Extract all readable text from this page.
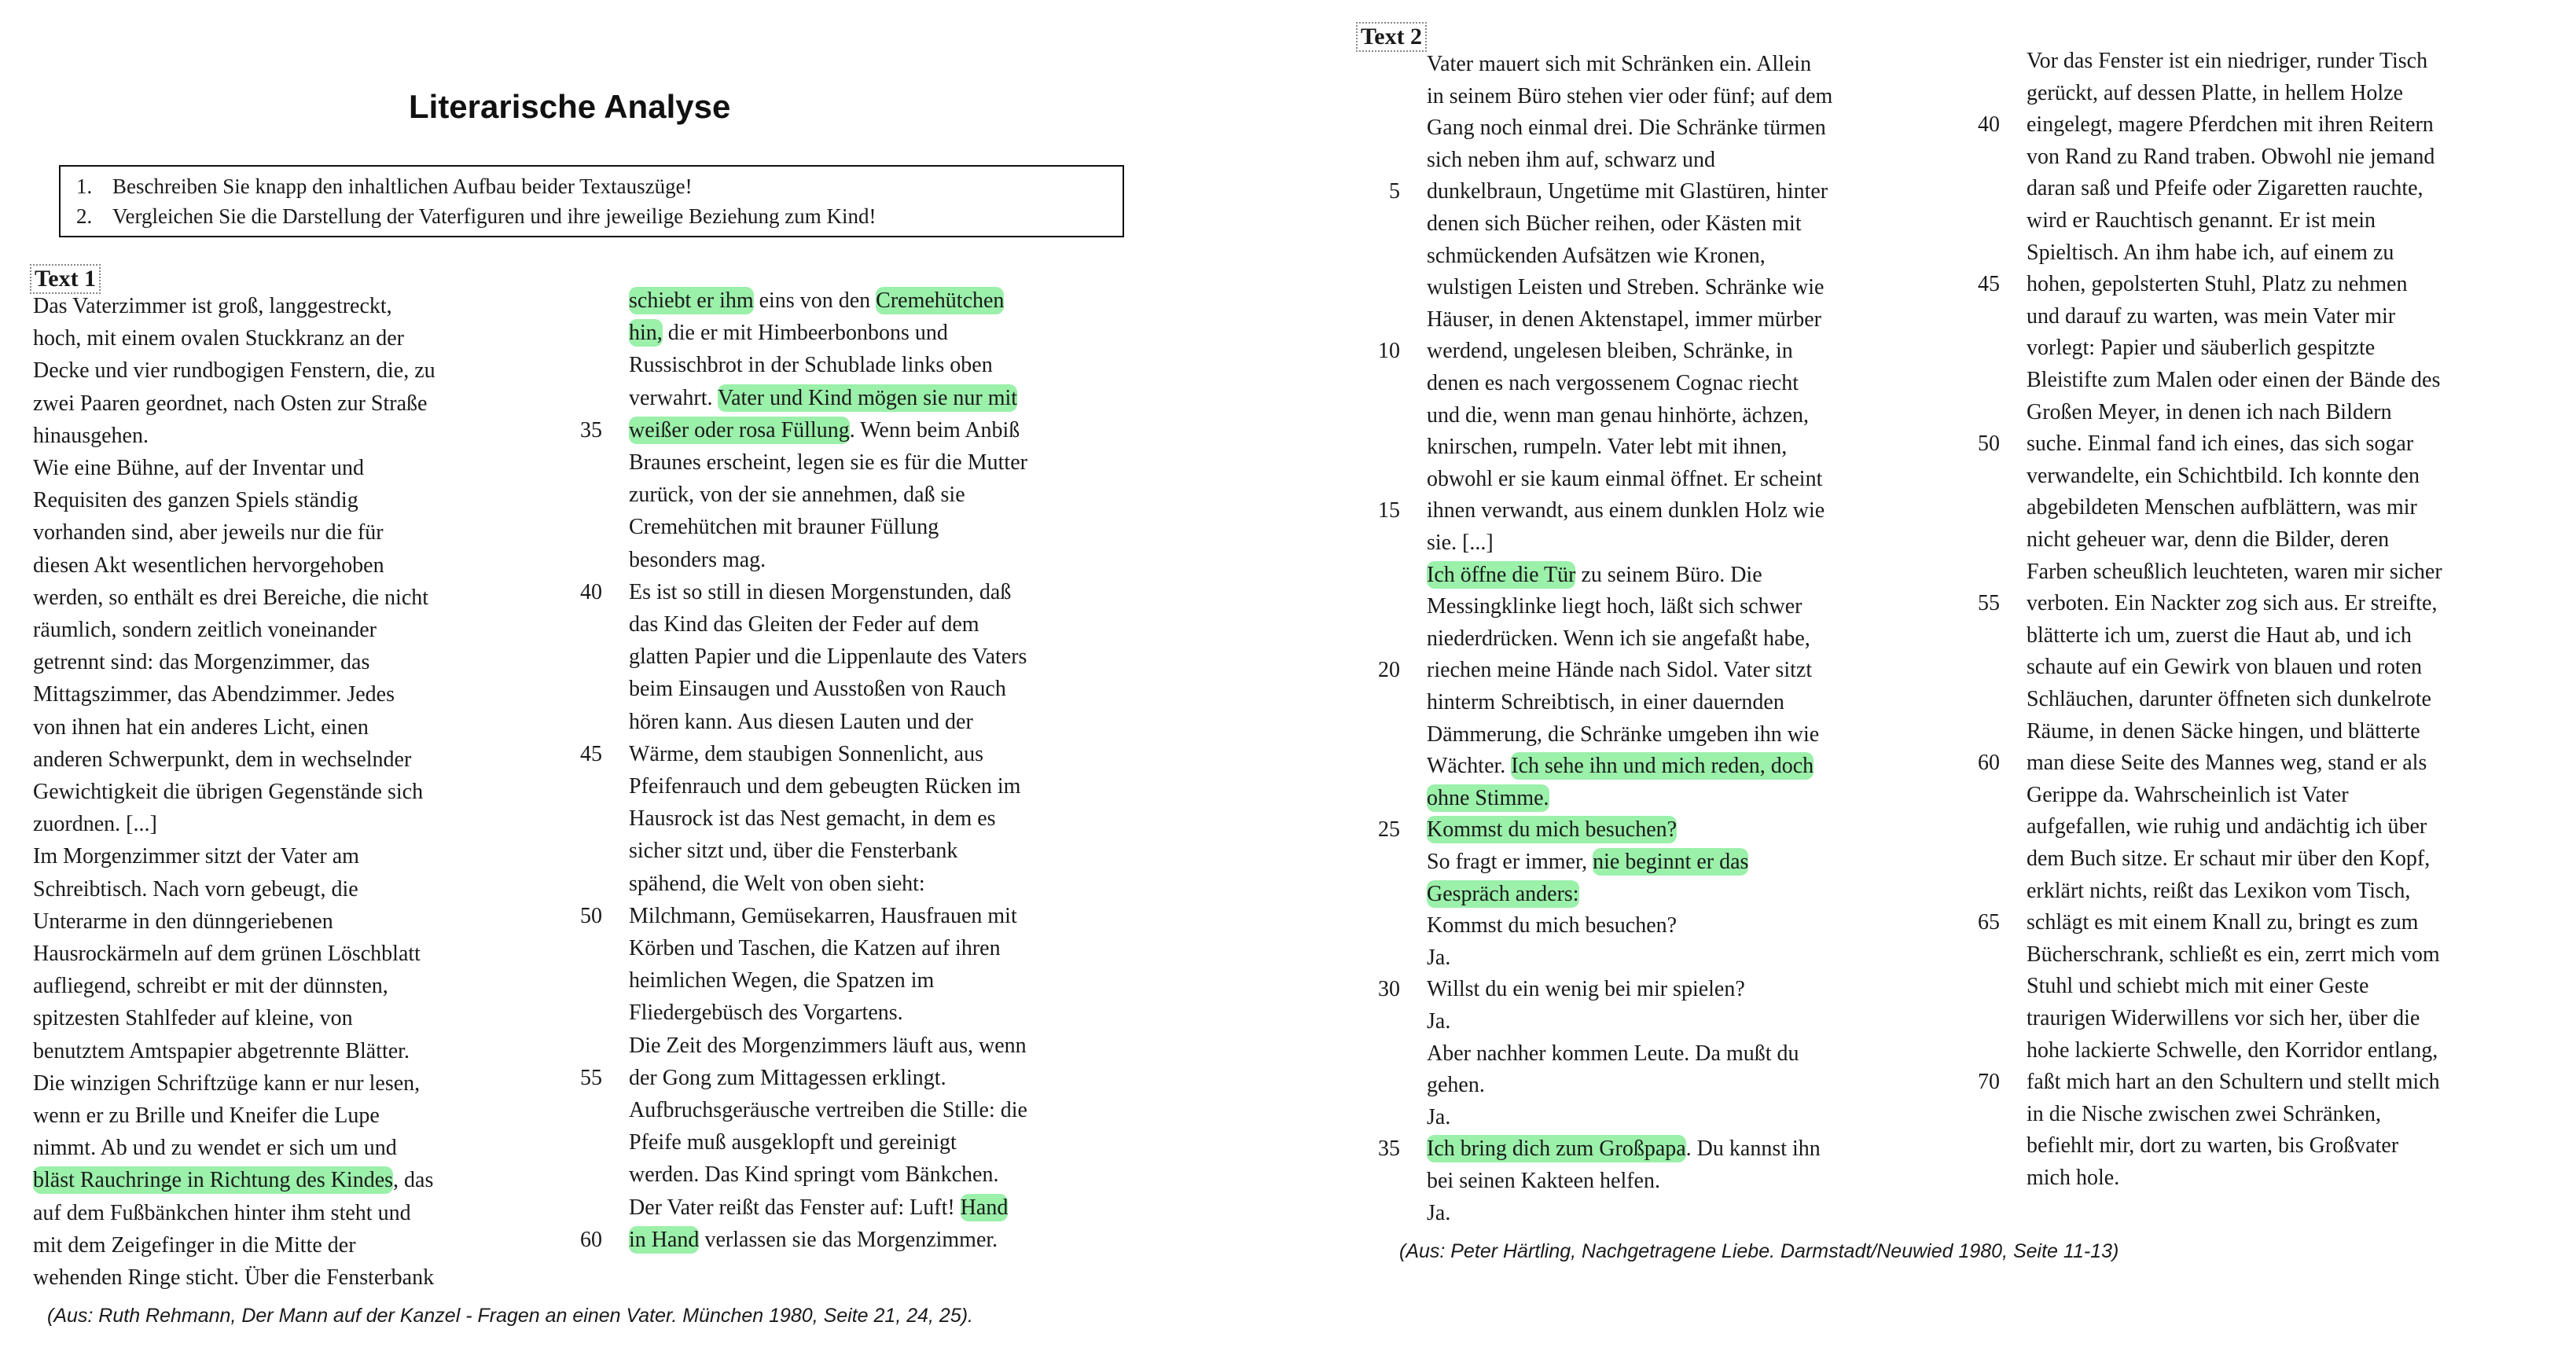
Literarische Analyse
1. Beschreiben Sie knapp den inhaltlichen Aufbau beider Textauszüge!
2. Vergleichen Sie die Darstellung der Vaterfiguren und ihre jeweilige Beziehung zum Kind!
Text 1
Das Vaterzimmer ist groß, langgestreckt,
hoch, mit einem ovalen Stuckkranz an der
Decke und vier rundbogigen Fenstern, die, zu
zwei Paaren geordnet, nach Osten zur Straße
hinausgehen.
Wie eine Bühne, auf der Inventar und
Requisiten des ganzen Spiels ständig
vorhanden sind, aber jeweils nur die für
diesen Akt wesentlichen hervorgehoben
werden, so enthält es drei Bereiche, die nicht
räumlich, sondern zeitlich voneinander
getrennt sind: das Morgenzimmer, das
Mittagszimmer, das Abendzimmer. Jedes
von ihnen hat ein anderes Licht, einen
anderen Schwerpunkt, dem in wechselnder
Gewichtigkeit die übrigen Gegenstände sich
zuordnen. [...]
Im Morgenzimmer sitzt der Vater am
Schreibtisch. Nach vorn gebeugt, die
Unterarme in den dünngeriebenen
Hausrockärmeln auf dem grünen Löschblatt
aufliegend, schreibt er mit der dünnsten,
spitzesten Stahlfeder auf kleine, von
benutztem Amtspapier abgetrennte Blätter.
Die winzigen Schriftzüge kann er nur lesen,
wenn er zu Brille und Kneifer die Lupe
nimmt. Ab und zu wendet er sich um und
bläst Rauchringe in Richtung des Kindes, das
auf dem Fußbänkchen hinter ihm steht und
mit dem Zeigefinger in die Mitte der
wehenden Ringe sticht. Über die Fensterbank
schiebt er ihm eins von den Cremehütchen
hin, die er mit Himbeerbonbons und
Russischbrot in der Schublade links oben
verwahrt. Vater und Kind mögen sie nur mit
weißer oder rosa Füllung. Wenn beim Anbiß
Braunes erscheint, legen sie es für die Mutter
zurück, von der sie annehmen, daß sie
Cremehütchen mit brauner Füllung
besonders mag.
Es ist so still in diesen Morgenstunden, daß
das Kind das Gleiten der Feder auf dem
glatten Papier und die Lippenlaute des Vaters
beim Einsaugen und Ausstoßen von Rauch
hören kann. Aus diesen Lauten und der
Wärme, dem staubigen Sonnenlicht, aus
Pfeifenrauch und dem gebeugten Rücken im
Hausrock ist das Nest gemacht, in dem es
sicher sitzt und, über die Fensterbank
spähend, die Welt von oben sieht:
Milchmann, Gemüsekarren, Hausfrauen mit
Körben und Taschen, die Katzen auf ihren
heimlichen Wegen, die Spatzen im
Fliedergebüsch des Vorgartens.
Die Zeit des Morgenzimmers läuft aus, wenn
der Gong zum Mittagessen erklingt.
Aufbruchsgeräusche vertreiben die Stille: die
Pfeife muß ausgeklopft und gereinigt
werden. Das Kind springt vom Bänkchen.
Der Vater reißt das Fenster auf: Luft! Hand
in Hand verlassen sie das Morgenzimmer.
35
40
45
50
55
60
(Aus: Ruth Rehmann, Der Mann auf der Kanzel - Fragen an einen Vater. München 1980, Seite 21, 24, 25).
Text 2
Vater mauert sich mit Schränken ein. Allein
in seinem Büro stehen vier oder fünf; auf dem
Gang noch einmal drei. Die Schränke türmen
sich neben ihm auf, schwarz und
dunkelbraun, Ungetüme mit Glastüren, hinter
denen sich Bücher reihen, oder Kästen mit
schmückenden Aufsätzen wie Kronen,
wulstigen Leisten und Streben. Schränke wie
Häuser, in denen Aktenstapel, immer mürber
werdend, ungelesen bleiben, Schränke, in
denen es nach vergossenem Cognac riecht
und die, wenn man genau hinhörte, ächzen,
knirschen, rumpeln. Vater lebt mit ihnen,
obwohl er sie kaum einmal öffnet. Er scheint
ihnen verwandt, aus einem dunklen Holz wie
sie. [...]
Ich öffne die Tür zu seinem Büro. Die
Messingklinke liegt hoch, läßt sich schwer
niederdrücken. Wenn ich sie angefaßt habe,
riechen meine Hände nach Sidol. Vater sitzt
hinterm Schreibtisch, in einer dauernden
Dämmerung, die Schränke umgeben ihn wie
Wächter. Ich sehe ihn und mich reden, doch
ohne Stimme.
Kommst du mich besuchen?
So fragt er immer, nie beginnt er das
Gespräch anders:
Kommst du mich besuchen?
Ja.
Willst du ein wenig bei mir spielen?
Ja.
Aber nachher kommen Leute. Da mußt du
gehen.
Ja.
Ich bring dich zum Großpapa. Du kannst ihn
bei seinen Kakteen helfen.
Ja.
5
10
15
20
25
30
35
Vor das Fenster ist ein niedriger, runder Tisch
gerückt, auf dessen Platte, in hellem Holze
eingelegt, magere Pferdchen mit ihren Reitern
von Rand zu Rand traben. Obwohl nie jemand
daran saß und Pfeife oder Zigaretten rauchte,
wird er Rauchtisch genannt. Er ist mein
Spieltisch. An ihm habe ich, auf einem zu
hohen, gepolsterten Stuhl, Platz zu nehmen
und darauf zu warten, was mein Vater mir
vorlegt: Papier und säuberlich gespitzte
Bleistifte zum Malen oder einen der Bände des
Großen Meyer, in denen ich nach Bildern
suche. Einmal fand ich eines, das sich sogar
verwandelte, ein Schichtbild. Ich konnte den
abgebildeten Menschen aufblättern, was mir
nicht geheuer war, denn die Bilder, deren
Farben scheußlich leuchteten, waren mir sicher
verboten. Ein Nackter zog sich aus. Er streifte,
blätterte ich um, zuerst die Haut ab, und ich
schaute auf ein Gewirk von blauen und roten
Schläuchen, darunter öffneten sich dunkelrote
Räume, in denen Säcke hingen, und blätterte
man diese Seite des Mannes weg, stand er als
Gerippe da. Wahrscheinlich ist Vater
aufgefallen, wie ruhig und andächtig ich über
dem Buch sitze. Er schaut mir über den Kopf,
erklärt nichts, reißt das Lexikon vom Tisch,
schlägt es mit einem Knall zu, bringt es zum
Bücherschrank, schließt es ein, zerrt mich vom
Stuhl und schiebt mich mit einer Geste
traurigen Widerwillens vor sich her, über die
hohe lackierte Schwelle, den Korridor entlang,
faßt mich hart an den Schultern und stellt mich
in die Nische zwischen zwei Schränken,
befiehlt mir, dort zu warten, bis Großvater
mich hole.
40
45
50
55
60
65
70
(Aus: Peter Härtling, Nachgetragene Liebe. Darmstadt/Neuwied 1980, Seite 11-13)
